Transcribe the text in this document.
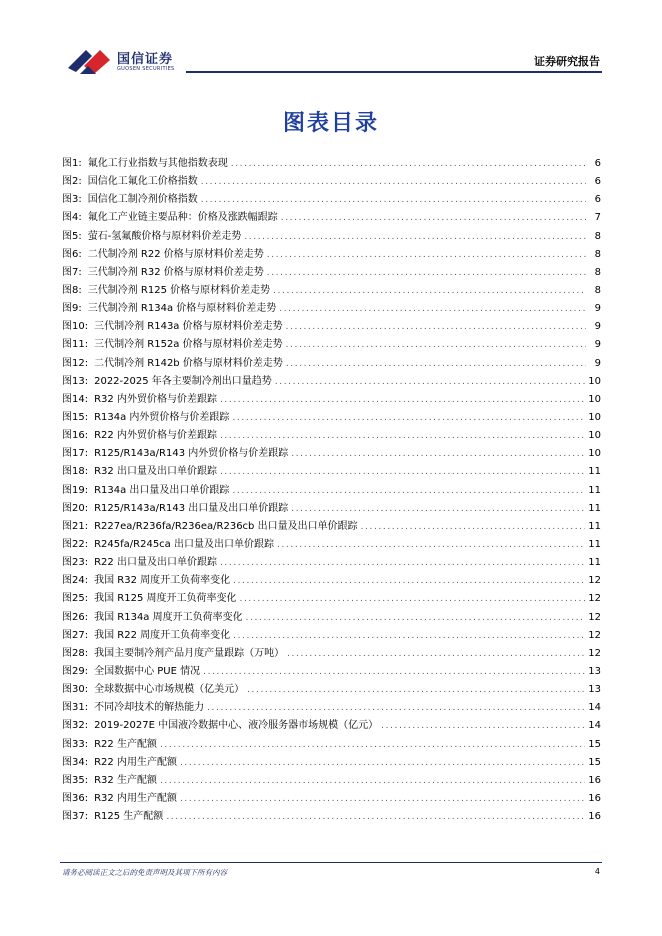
国信证券
GUOSEN SECURITIES
证券研究报告
图表目录
图1: 氟化工行业指数与其他指数表现 .....	6
图2: 国信化工氟化工价格指数 .....	6
图3: 国信化工制冷剂价格指数 .....	6
图4: 氟化工产业链主要品种：价格及涨跌幅跟踪 .....	7
图5: 萤石-氢氟酸价格与原材料价差走势 .....	8
图6: 二代制冷剂 R22 价格与原材料价差走势 .....	8
图7: 三代制冷剂 R32 价格与原材料价差走势 .....	8
图8: 三代制冷剂 R125 价格与原材料价差走势 .....	8
图9: 三代制冷剂 R134a 价格与原材料价差走势 .....	9
图10: 三代制冷剂 R143a 价格与原材料价差走势 .....	9
图11: 三代制冷剂 R152a 价格与原材料价差走势 .....	9
图12: 二代制冷剂 R142b 价格与原材料价差走势 .....	9
图13: 2022-2025 年各主要制冷剂出口量趋势 .....	10
图14: R32 内外贸价格与价差跟踪 .....	10
图15: R134a 内外贸价格与价差跟踪 .....	10
图16: R22 内外贸价格与价差跟踪 .....	10
图17: R125/R143a/R143 内外贸价格与价差跟踪 .....	10
图18: R32 出口量及出口单价跟踪 .....	11
图19: R134a 出口量及出口单价跟踪 .....	11
图20: R125/R143a/R143 出口量及出口单价跟踪 .....	11
图21: R227ea/R236fa/R236ea/R236cb 出口量及出口单价跟踪 .....	11
图22: R245fa/R245ca 出口量及出口单价跟踪 .....	11
图23: R22 出口量及出口单价跟踪 .....	11
图24: 我国 R32 周度开工负荷率变化 .....	12
图25: 我国 R125 周度开工负荷率变化 .....	12
图26: 我国 R134a 周度开工负荷率变化 .....	12
图27: 我国 R22 周度开工负荷率变化 .....	12
图28: 我国主要制冷剂产品月度产量跟踪（万吨） .....	12
图29: 全国数据中心 PUE 情况 .....	13
图30: 全球数据中心市场规模（亿美元） .....	13
图31: 不同冷却技术的解热能力 .....	14
图32: 2019-2027E 中国液冷数据中心、液冷服务器市场规模（亿元） .....	14
图33: R22 生产配额 .....	15
图34: R22 内用生产配额 .....	15
图35: R32 生产配额 .....	16
图36: R32 内用生产配额 .....	16
图37: R125 生产配额 .....	16
请务必阅读正文之后的免责声明及其项下所有内容	4
